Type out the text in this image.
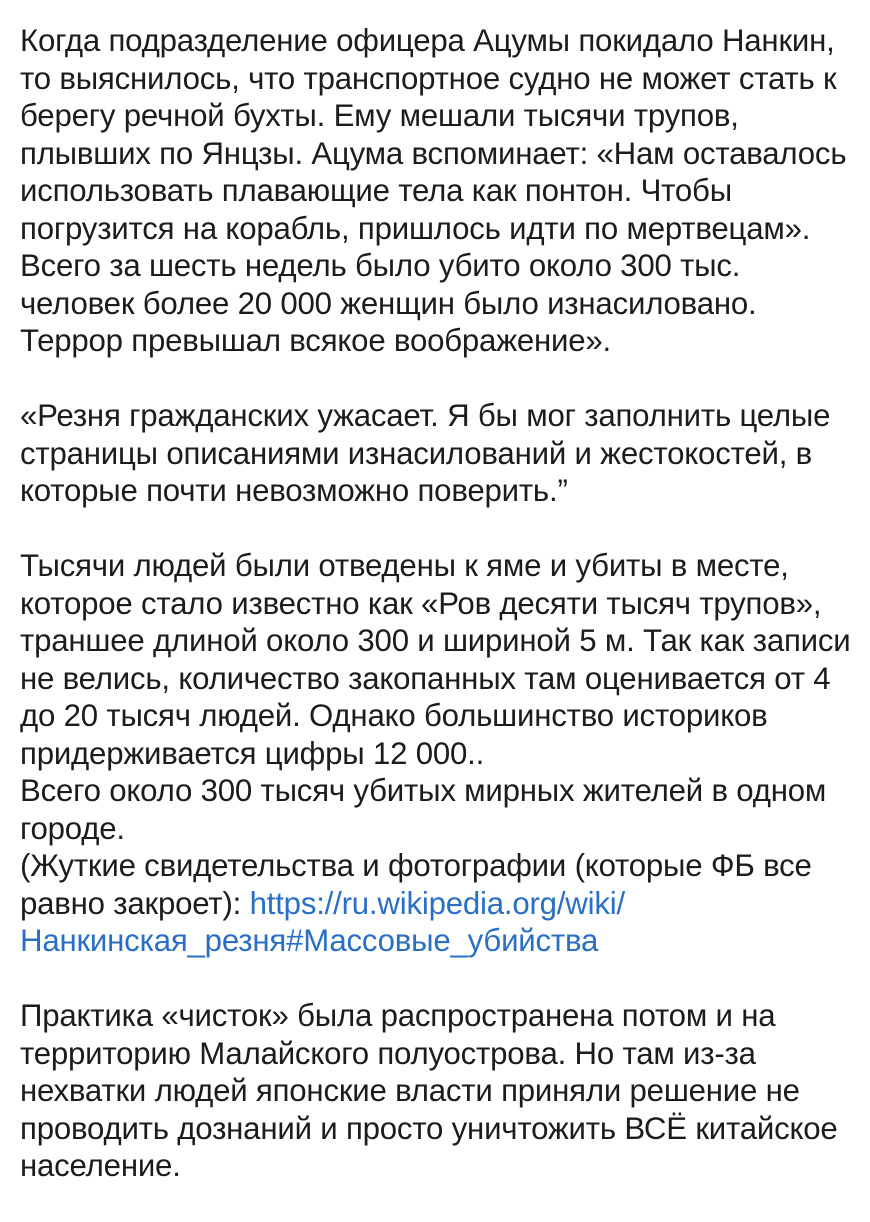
Когда подразделение офицера Ацумы покидало Нанкин,
то выяснилось, что транспортное судно не может стать к
берегу речной бухты. Ему мешали тысячи трупов,
плывших по Янцзы. Ацума вспоминает: «Нам оставалось
использовать плавающие тела как понтон. Чтобы
погрузится на корабль, пришлось идти по мертвецам».
Всего за шесть недель было убито около 300 тыс.
человек более 20 000 женщин было изнасиловано.
Террор превышал всякое воображение».
«Резня гражданских ужасает. Я бы мог заполнить целые
страницы описаниями изнасилований и жестокостей, в
которые почти невозможно поверить.”
Тысячи людей были отведены к яме и убиты в месте,
которое стало известно как «Ров десяти тысяч трупов»,
траншее длиной около 300 и шириной 5 м. Так как записи
не велись, количество закопанных там оценивается от 4
до 20 тысяч людей. Однако большинство историков
придерживается цифры 12 000..
Всего около 300 тысяч убитых мирных жителей в одном
городе.
(Жуткие свидетельства и фотографии (которые ФБ все
равно закроет): https://ru.wikipedia.org/wiki/
Нанкинская_резня#Массовые_убийства
Практика «чисток» была распространена потом и на
территорию Малайского полуострова. Но там из-за
нехватки людей японские власти приняли решение не
проводить дознаний и просто уничтожить ВСЁ китайское
население.
